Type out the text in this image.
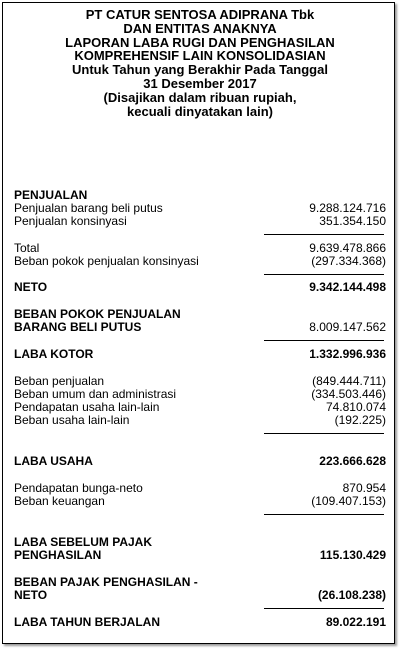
PT CATUR SENTOSA ADIPRANA Tbk
DAN ENTITAS ANAKNYA
LAPORAN LABA RUGI DAN PENGHASILAN
KOMPREHENSIF LAIN KONSOLIDASIAN
Untuk Tahun yang Berakhir Pada Tanggal
31 Desember 2017
(Disajikan dalam ribuan rupiah,
kecuali dinyatakan lain)
PENJUALAN
Penjualan barang beli putus	9.288.124.716
Penjualan konsinyasi	351.354.150
Total	9.639.478.866
Beban pokok penjualan konsinyasi	(297.334.368)
NETO	9.342.144.498
BEBAN POKOK PENJUALAN
BARANG BELI PUTUS	8.009.147.562
LABA KOTOR	1.332.996.936
Beban penjualan	(849.444.711)
Beban umum dan administrasi	(334.503.446)
Pendapatan usaha lain-lain	74.810.074
Beban usaha lain-lain	(192.225)
LABA USAHA	223.666.628
Pendapatan bunga-neto	870.954
Beban keuangan	(109.407.153)
LABA SEBELUM PAJAK
PENGHASILAN	115.130.429
BEBAN PAJAK PENGHASILAN -
NETO	(26.108.238)
LABA TAHUN BERJALAN	89.022.191
